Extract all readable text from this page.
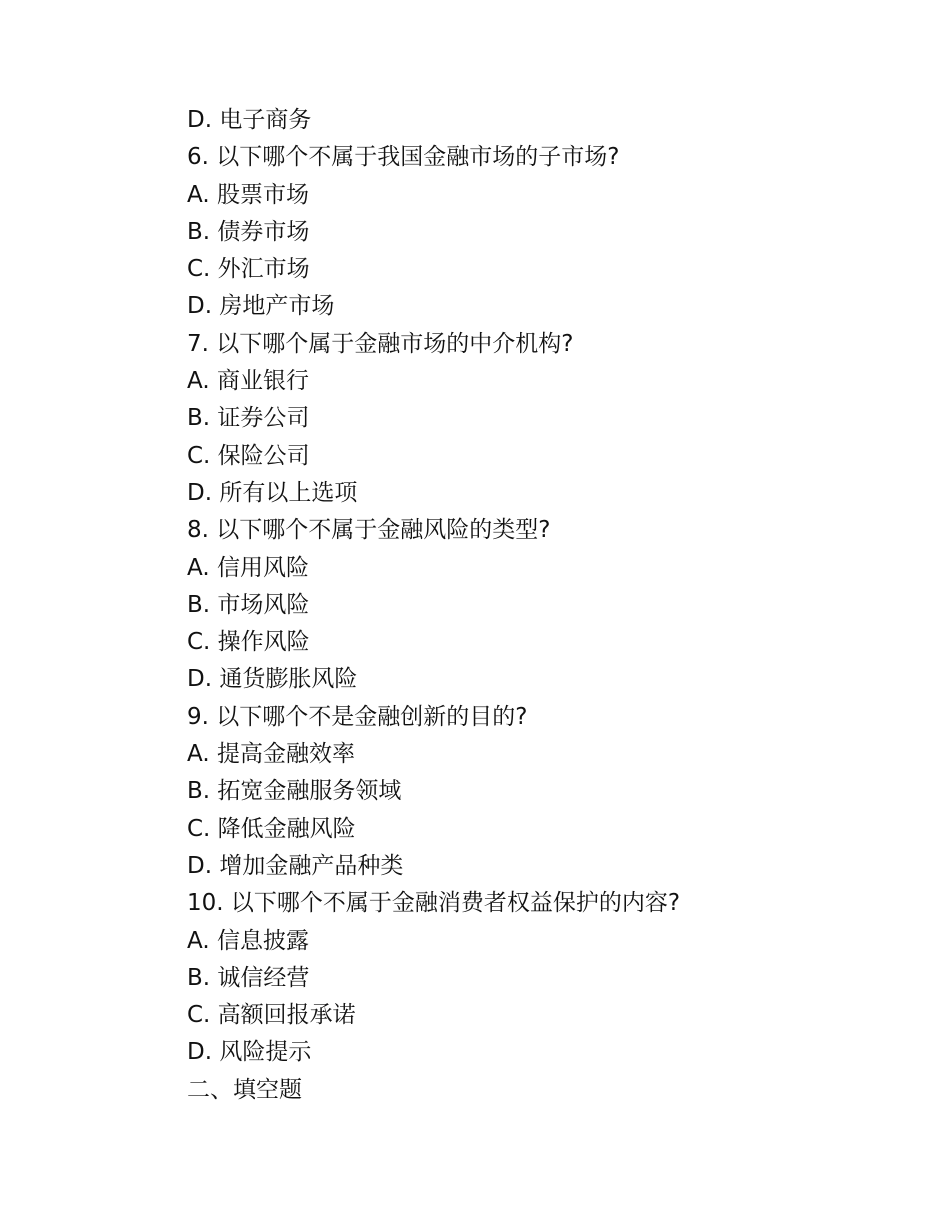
D. 电子商务
6. 以下哪个不属于我国金融市场的子市场?
A. 股票市场
B. 债券市场
C. 外汇市场
D. 房地产市场
7. 以下哪个属于金融市场的中介机构?
A. 商业银行
B. 证券公司
C. 保险公司
D. 所有以上选项
8. 以下哪个不属于金融风险的类型?
A. 信用风险
B. 市场风险
C. 操作风险
D. 通货膨胀风险
9. 以下哪个不是金融创新的目的?
A. 提高金融效率
B. 拓宽金融服务领域
C. 降低金融风险
D. 增加金融产品种类
10. 以下哪个不属于金融消费者权益保护的内容?
A. 信息披露
B. 诚信经营
C. 高额回报承诺
D. 风险提示
二、填空题
